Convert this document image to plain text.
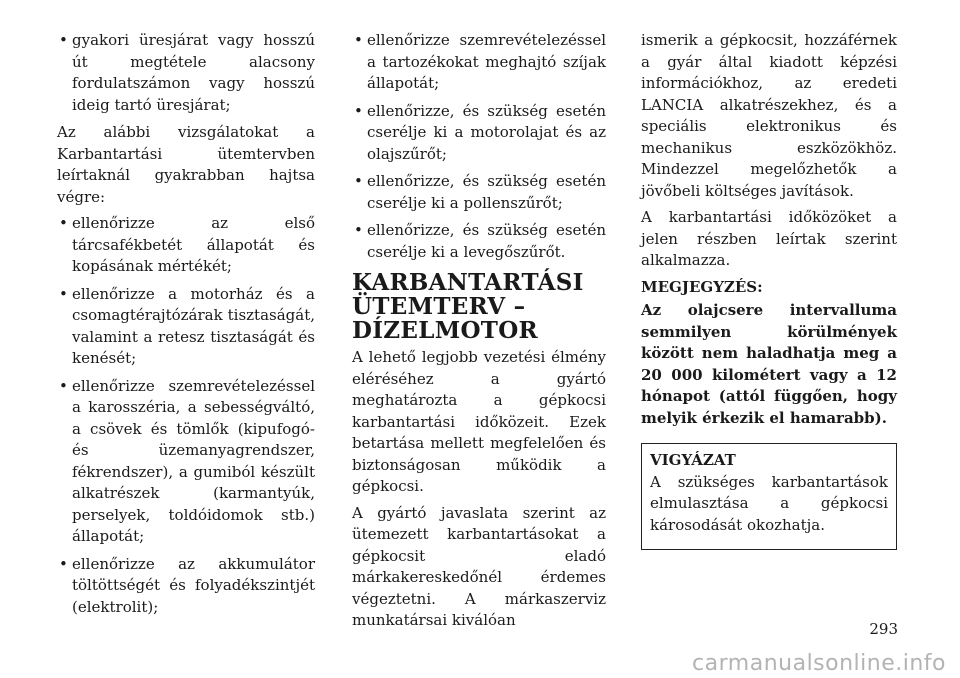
• gyakori üresjárat vagy hosszú út megtétele alacsony fordulatszámon vagy hosszú ideig tartó üresjárat;

Az alábbi vizsgálatokat a Karbantartási ütemtervben leírtaknál gyakrabban hajtsa végre:

• ellenőrizze az első tárcsafékbetét állapotát és kopásának mértékét;
• ellenőrizze a motorház és a csomagtérajtózárak tisztaságát, valamint a retesz tisztaságát és kenését;
• ellenőrizze szemrevételezéssel a karosszéria, a sebességváltó, a csövek és tömlők (kipufogó- és üzemanyagrendszer, fékrendszer), a gumiból készült alkatrészek (karmantyúk, perselyek, toldóidomok stb.) állapotát;
• ellenőrizze az akkumulátor töltöttségét és folyadékszintjét (elektrolit);
• ellenőrizze szemrevételezéssel a tartozékokat meghajtó szíjak állapotát;
• ellenőrizze, és szükség esetén cserélje ki a motorolajat és az olajszűrőt;
• ellenőrizze, és szükség esetén cserélje ki a pollenszűrőt;
• ellenőrizze, és szükség esetén cserélje ki a levegőszűrőt.
KARBANTARTÁSI
ÜTEMTERV –
DÍZELMOTOR

A lehető legjobb vezetési élmény eléréséhez a gyártó meghatározta a gépkocsi karbantartási időközeit. Ezek betartása mellett megfelelően és biztonságosan működik a gépkocsi.

A gyártó javaslata szerint az ütemezett karbantartásokat a gépkocsit eladó márkakereskedőnél érdemes végeztetni. A márkaszerviz munkatársai kiválóan

ismerik a gépkocsit, hozzáférnek a gyár által kiadott képzési információkhoz, az eredeti LANCIA alkatrészekhez, és a speciális elektronikus és mechanikus eszközökhöz. Mindezzel megelőzhetők a jövőbeli költséges javítások.

A karbantartási időközöket a jelen részben leírtak szerint alkalmazza.

MEGJEGYZÉS:

Az olajcsere intervalluma semmilyen körülmények között nem haladhatja meg a 20 000 kilométert vagy a 12 hónapot (attól függően, hogy melyik érkezik el hamarabb).

VIGYÁZAT

A szükséges karbantartások elmulasztása a gépkocsi károsodását okozhatja.

293
carmanualsonline.info
